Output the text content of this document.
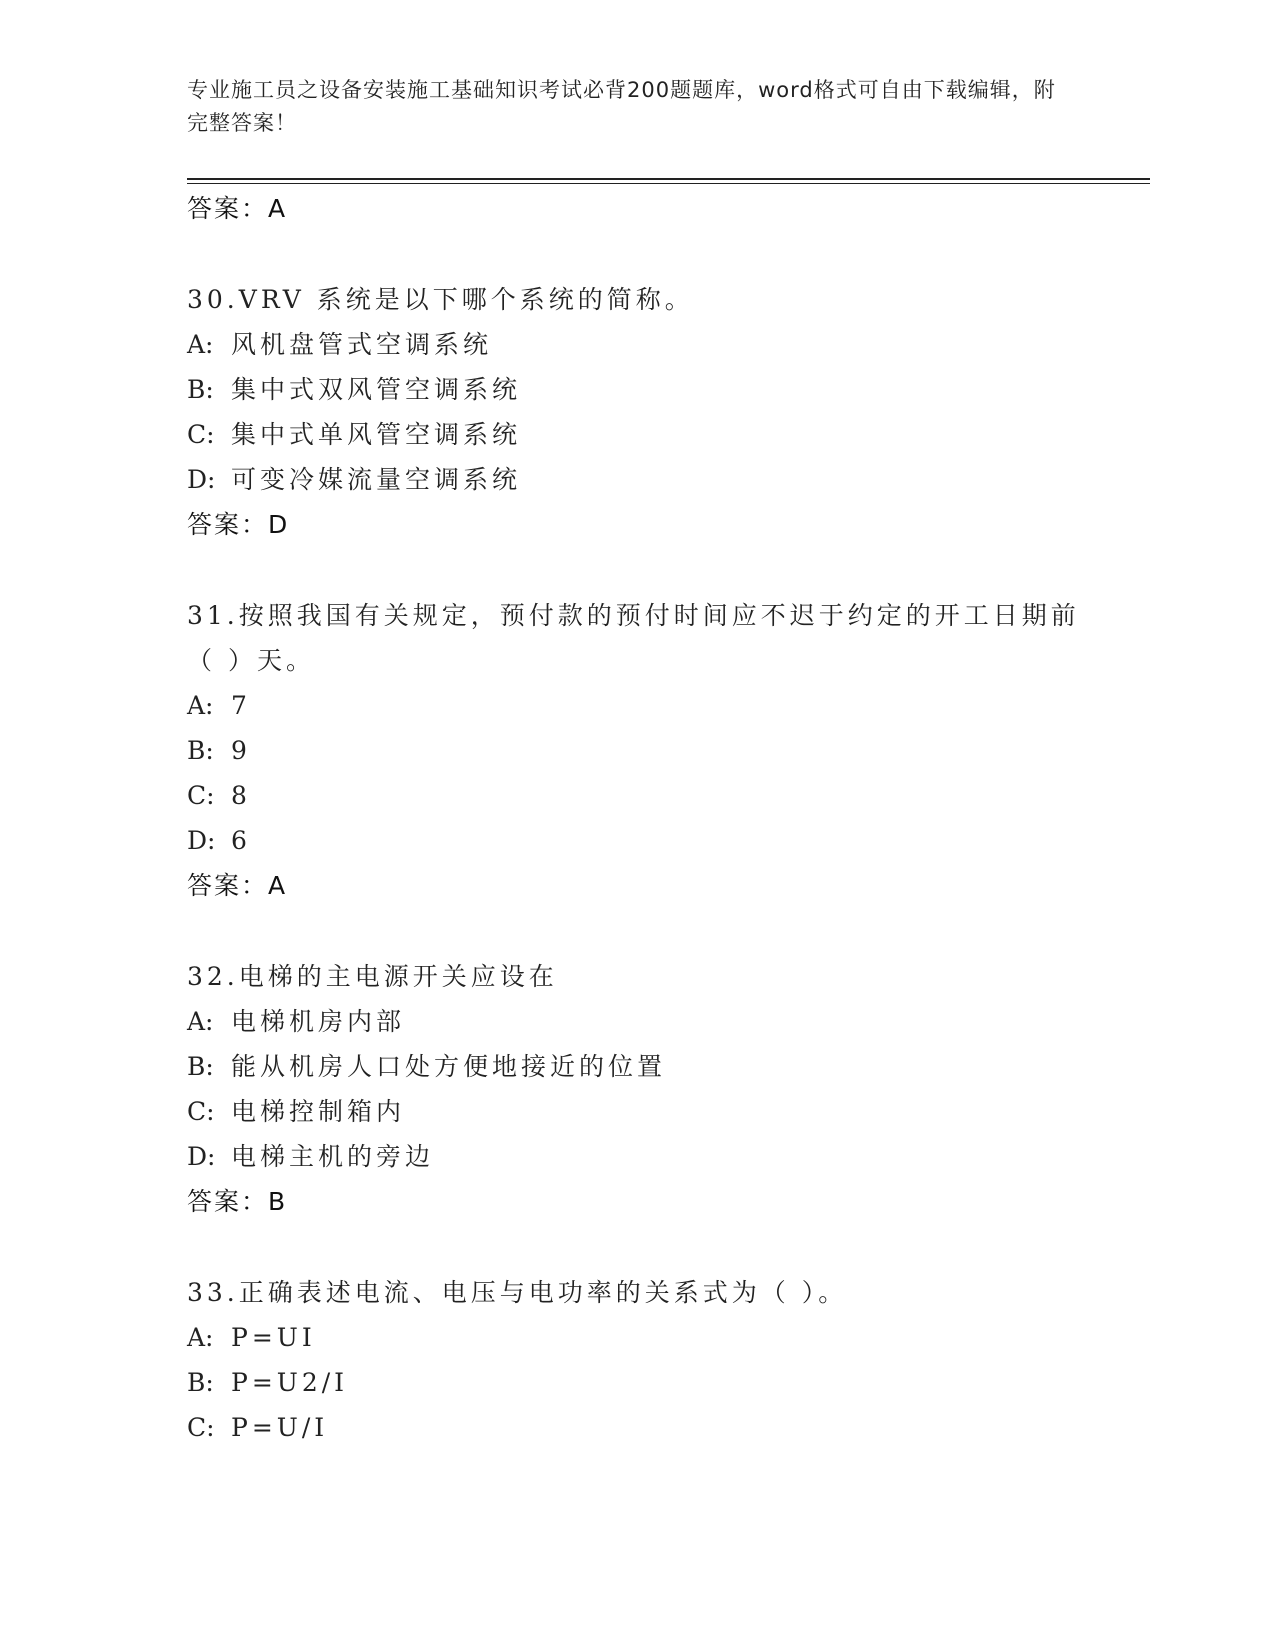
专业施工员之设备安装施工基础知识考试必背200题题库，word格式可自由下载编辑，附完整答案！
答案：A
30.VRV 系统是以下哪个系统的简称。
A: 风机盘管式空调系统
B: 集中式双风管空调系统
C: 集中式单风管空调系统
D: 可变冷媒流量空调系统
答案：D
31.按照我国有关规定，预付款的预付时间应不迟于约定的开工日期前（ ）天。
A: 7
B: 9
C: 8
D: 6
答案：A
32.电梯的主电源开关应设在
A: 电梯机房内部
B: 能从机房人口处方便地接近的位置
C: 电梯控制箱内
D: 电梯主机的旁边
答案：B
33.正确表述电流、电压与电功率的关系式为（ ）。
A: P=UI
B: P=U2/I
C: P=U/I
